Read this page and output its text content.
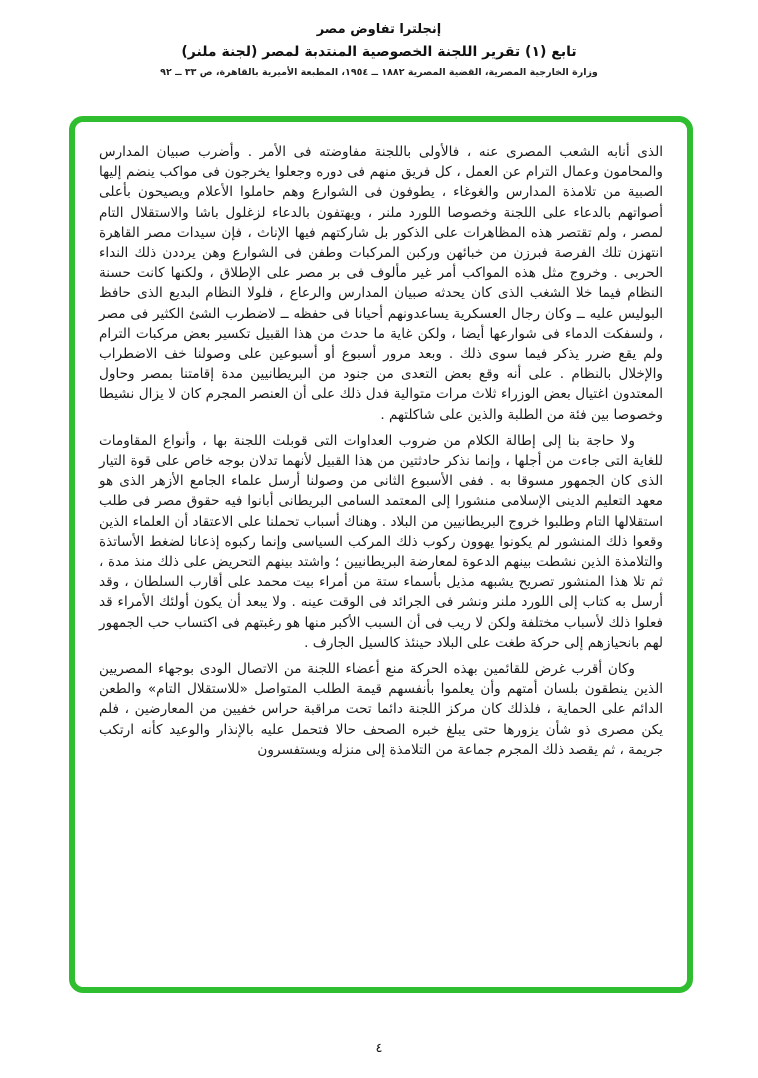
إنجلترا تفاوض مصر
تابع (١) تقرير اللجنة الخصوصية المنتدبة لمصر (لجنة ملنر)
وزارة الخارجية المصرية، القضية المصرية ١٨٨٢ ــ ١٩٥٤، المطبعة الأميرية بالقاهرة، ص ٣٣ ــ ٩٢

الذى أنابه الشعب المصرى عنه ، فالأولى باللجنة مفاوضته فى الأمر . وأضرب صبيان المدارس والمحامون وعمال الترام عن العمل ، كل فريق منهم فى دوره وجعلوا يخرجون فى مواكب ينضم إليها الصبية من تلامذة المدارس والغوغاء ، يطوفون فى الشوارع وهم حاملوا الأعلام ويصيحون بأعلى أصواتهم بالدعاء على اللجنة وخصوصا اللورد ملنر ، ويهتفون بالدعاء لزغلول باشا والاستقلال التام لمصر ، ولم تقتصر هذه المظاهرات على الذكور بل شاركتهم فيها الإناث ، فإن سيدات مصر القاهرة انتهزن تلك الفرصة فبرزن من خبائهن وركبن المركبات وطفن فى الشوارع وهن يرددن ذلك النداء الحربى . وخروج مثل هذه المواكب أمر غير مألوف فى بر مصر على الإطلاق ، ولكنها كانت حسنة النظام فيما خلا الشغب الذى كان يحدثه صبيان المدارس والرعاع ، فلولا النظام البديع الذى حافظ البوليس عليه ــ وكان رجال العسكرية يساعدونهم أحيانا فى حفظه ــ لاضطرب الشئ الكثير فى مصر ، ولسفكت الدماء فى شوارعها أيضا ، ولكن غاية ما حدث من هذا القبيل تكسير بعض مركبات الترام ولم يقع ضرر يذكر فيما سوى ذلك . وبعد مرور أسبوع أو أسبوعين على وصولنا خف الاضطراب والإخلال بالنظام . على أنه وقع بعض التعدى من جنود من البريطانيين مدة إقامتنا بمصر وحاول المعتدون اغتيال بعض الوزراء ثلاث مرات متوالية فدل ذلك على أن العنصر المجرم كان لا يزال نشيطا وخصوصا بين فئة من الطلبة والذين على شاكلتهم .

ولا حاجة بنا إلى إطالة الكلام من ضروب العداوات التى قوبلت اللجنة بها ، وأنواع المقاومات للغاية التى جاءت من أجلها ، وإنما نذكر حادثتين من هذا القبيل لأنهما تدلان بوجه خاص على قوة التيار الذى كان الجمهور مسوقا به . ففى الأسبوع الثانى من وصولنا أرسل علماء الجامع الأزهر الذى هو معهد التعليم الدينى الإسلامى منشورا إلى المعتمد السامى البريطانى أبانوا فيه حقوق مصر فى طلب استقلالها التام وطلبوا خروج البريطانيين من البلاد . وهناك أسباب تحملنا على الاعتقاد أن العلماء الذين وقعوا ذلك المنشور لم يكونوا يهوون ركوب ذلك المركب السياسى وإنما ركبوه إذعانا لضغط الأساتذة والتلامذة الذين نشطت بينهم الدعوة لمعارضة البريطانيين ؛ واشتد بينهم التحريض على ذلك منذ مدة ، ثم تلا هذا المنشور تصريح يشبهه مذيل بأسماء ستة من أمراء بيت محمد على أقارب السلطان ، وقد أرسل به كتاب إلى اللورد ملنر ونشر فى الجرائد فى الوقت عينه . ولا يبعد أن يكون أولئك الأمراء قد فعلوا ذلك لأسباب مختلفة ولكن لا ريب فى أن السبب الأكبر منها هو رغبتهم فى اكتساب حب الجمهور لهم بانحيازهم إلى حركة طغت على البلاد حينئذ كالسيل الجارف .

وكان أقرب غرض للقائمين بهذه الحركة منع أعضاء اللجنة من الاتصال الودى بوجهاء المصريين الذين ينطقون بلسان أمتهم وأن يعلموا بأنفسهم قيمة الطلب المتواصل «للاستقلال التام» والطعن الدائم على الحماية ، فلذلك كان مركز اللجنة دائما تحت مراقبة حراس خفيين من المعارضين ، فلم يكن مصرى ذو شأن يزورها حتى يبلغ خبره الصحف حالا فتحمل عليه بالإنذار والوعيد كأنه ارتكب جريمة ، ثم يقصد ذلك المجرم جماعة من التلامذة إلى منزله ويستفسرون

٤
